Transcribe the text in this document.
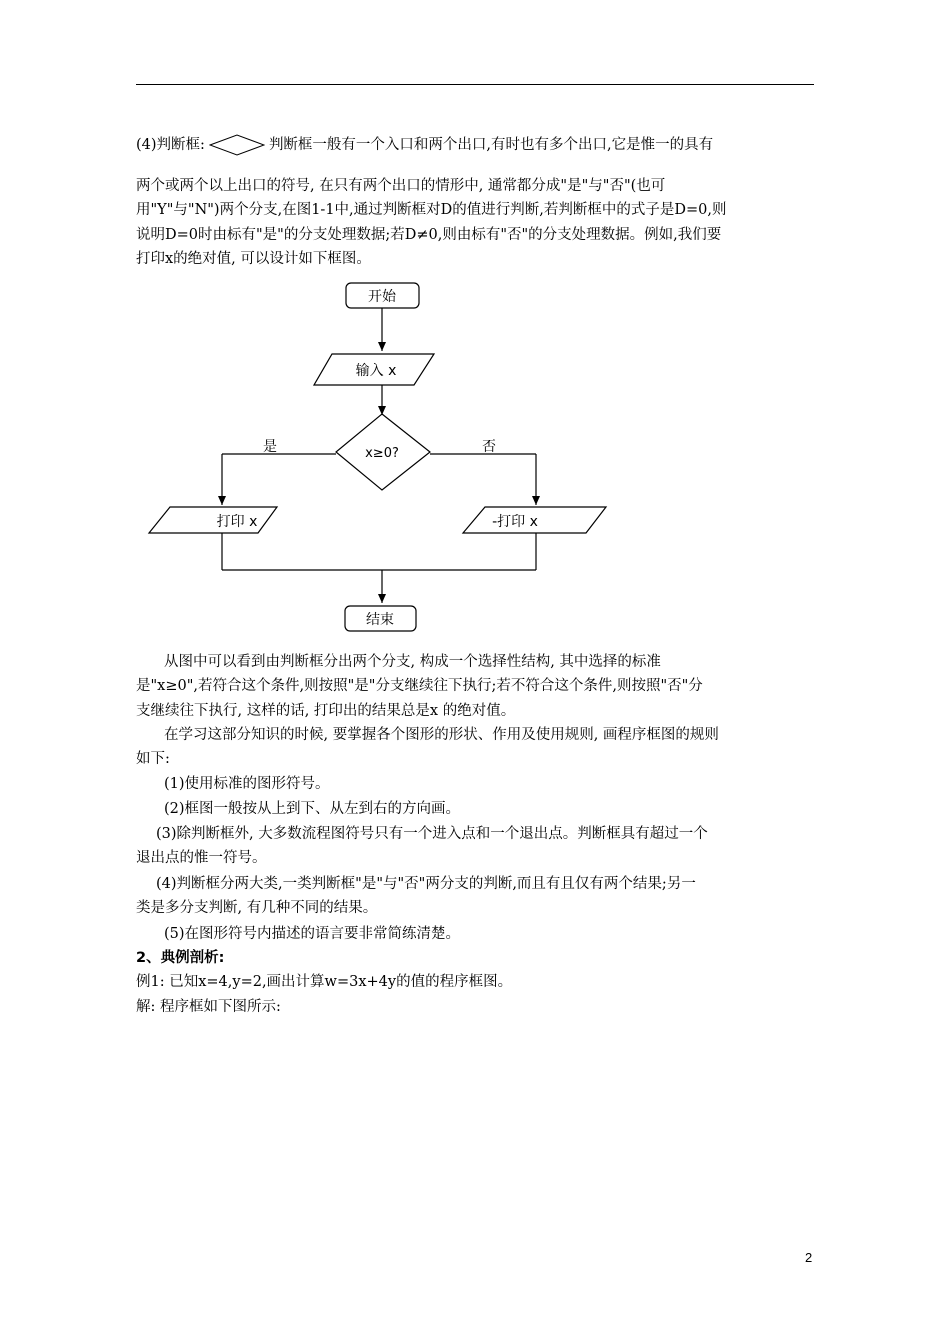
(4)判断框:	判断框一般有一个入口和两个出口,有时也有多个出口,它是惟一的具有
两个或两个以上出口的符号, 在只有两个出口的情形中, 通常都分成"是"与"否"(也可
用"Y"与"N")两个分支,在图1-1中,通过判断框对D的值进行判断,若判断框中的式子是D=0,则
说明D=0时由标有"是"的分支处理数据;若D≠0,则由标有"否"的分支处理数据。例如,我们要
打印x的绝对值, 可以设计如下框图。
开始
输入 x
x≥0?
是	否
打印 x	-打印 x
结束
从图中可以看到由判断框分出两个分支, 构成一个选择性结构, 其中选择的标准
是"x≥0",若符合这个条件,则按照"是"分支继续往下执行;若不符合这个条件,则按照"否"分
支继续往下执行, 这样的话, 打印出的结果总是x 的绝对值。
在学习这部分知识的时候, 要掌握各个图形的形状、作用及使用规则, 画程序框图的规则
如下:
(1)使用标准的图形符号。
(2)框图一般按从上到下、从左到右的方向画。
(3)除判断框外, 大多数流程图符号只有一个进入点和一个退出点。判断框具有超过一个
退出点的惟一符号。
(4)判断框分两大类,一类判断框"是"与"否"两分支的判断,而且有且仅有两个结果;另一
类是多分支判断, 有几种不同的结果。
(5)在图形符号内描述的语言要非常简练清楚。
2、典例剖析:
例1: 已知x=4,y=2,画出计算w=3x+4y的值的程序框图。
解: 程序框如下图所示:
2
